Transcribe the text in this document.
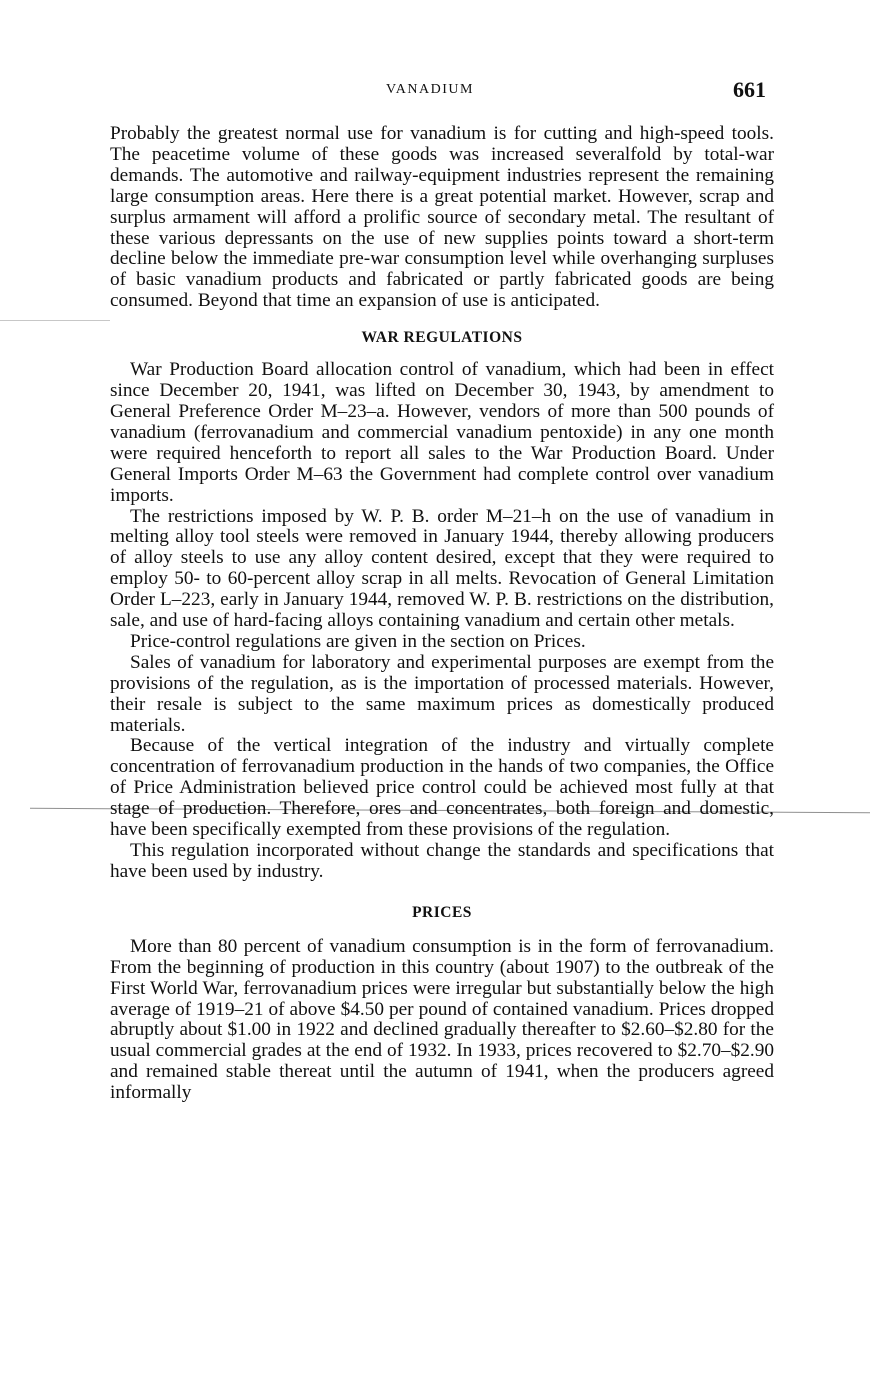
VANADIUM	661

Probably the greatest normal use for vanadium is for cutting and high-speed tools. The peacetime volume of these goods was increased severalfold by total-war demands. The automotive and railway-equipment industries represent the remaining large consumption areas. Here there is a great potential market. However, scrap and surplus armament will afford a prolific source of secondary metal. The resultant of these various depressants on the use of new supplies points toward a short-term decline below the immediate pre-war consumption level while overhanging surpluses of basic vanadium products and fabricated or partly fabricated goods are being consumed. Beyond that time an expansion of use is anticipated.

WAR REGULATIONS

War Production Board allocation control of vanadium, which had been in effect since December 20, 1941, was lifted on December 30, 1943, by amendment to General Preference Order M–23–a. However, vendors of more than 500 pounds of vanadium (ferrovanadium and commercial vanadium pentoxide) in any one month were required henceforth to report all sales to the War Production Board. Under General Imports Order M–63 the Government had complete control over vanadium imports.

The restrictions imposed by W. P. B. order M–21–h on the use of vanadium in melting alloy tool steels were removed in January 1944, thereby allowing producers of alloy steels to use any alloy content desired, except that they were required to employ 50- to 60-percent alloy scrap in all melts. Revocation of General Limitation Order L–223, early in January 1944, removed W. P. B. restrictions on the distribution, sale, and use of hard-facing alloys containing vanadium and certain other metals.

Price-control regulations are given in the section on Prices.

Sales of vanadium for laboratory and experimental purposes are exempt from the provisions of the regulation, as is the importation of processed materials. However, their resale is subject to the same maximum prices as domestically produced materials.

Because of the vertical integration of the industry and virtually complete concentration of ferrovanadium production in the hands of two companies, the Office of Price Administration believed price control could be achieved most fully at that stage of production. Therefore, ores and concentrates, both foreign and domestic, have been specifically exempted from these provisions of the regulation.

This regulation incorporated without change the standards and specifications that have been used by industry.

PRICES

More than 80 percent of vanadium consumption is in the form of ferrovanadium. From the beginning of production in this country (about 1907) to the outbreak of the First World War, ferrovanadium prices were irregular but substantially below the high average of 1919–21 of above $4.50 per pound of contained vanadium. Prices dropped abruptly about $1.00 in 1922 and declined gradually thereafter to $2.60–$2.80 for the usual commercial grades at the end of 1932. In 1933, prices recovered to $2.70–$2.90 and remained stable thereat until the autumn of 1941, when the producers agreed informally
